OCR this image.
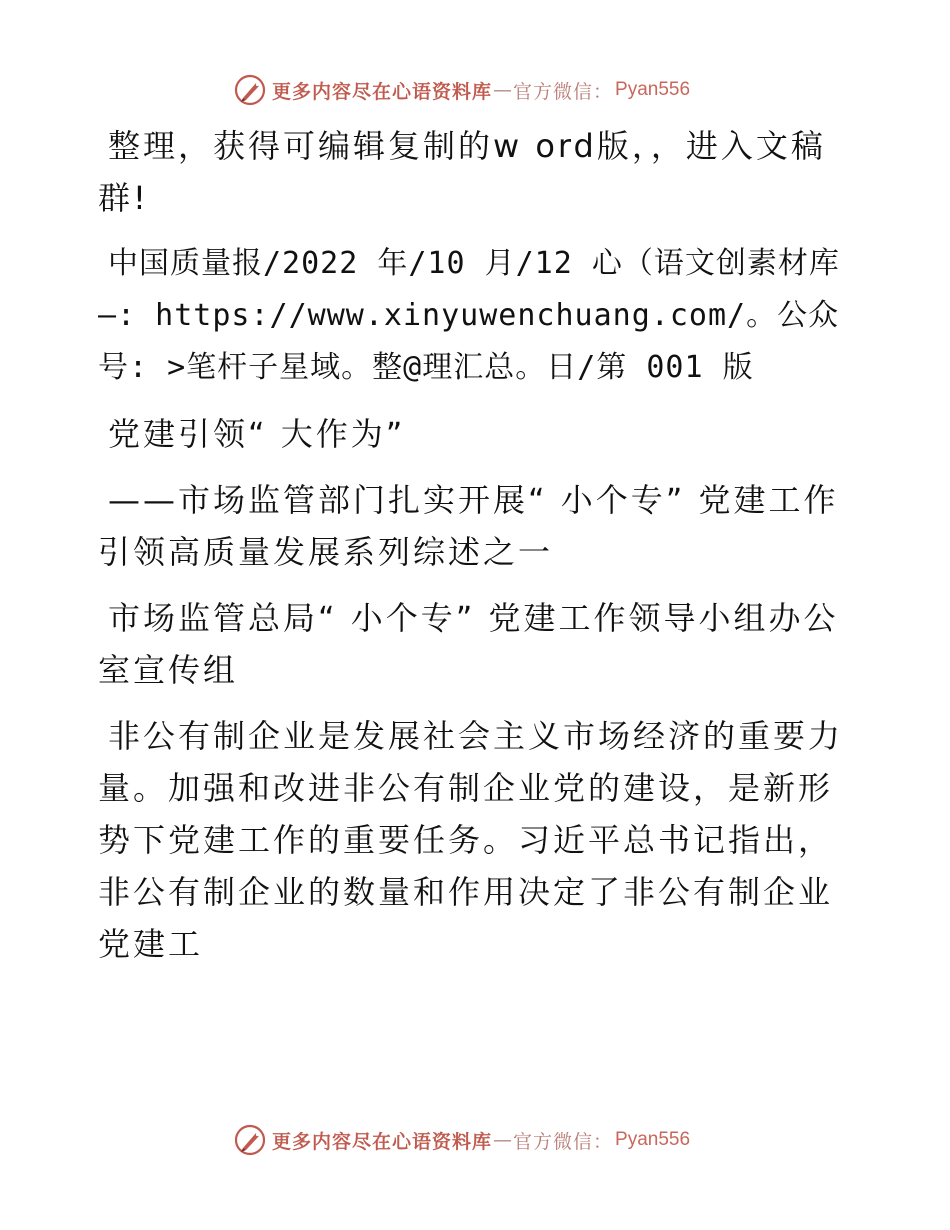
更多内容尽在心语资料库 — 官方微信： Pyan556

整理，获得可编辑复制的w ord版，，进入文稿群!

中国质量报/2022 年/10 月/12 心（语文创素材库—: https://www.xinyuwenchuang.com/。公众号: >笔杆子星域。整@理汇总。日/第 001 版

党建引领“ 大作为”

——市场监管部门扎实开展“ 小个专” 党建工作引领高质量发展系列综述之一

市场监管总局“ 小个专” 党建工作领导小组办公室宣传组

非公有制企业是发展社会主义市场经济的重要力量。加强和改进非公有制企业党的建设，是新形势下党建工作的重要任务。习近平总书记指出，非公有制企业的数量和作用决定了非公有制企业党建工

更多内容尽在心语资料库 — 官方微信： Pyan556
